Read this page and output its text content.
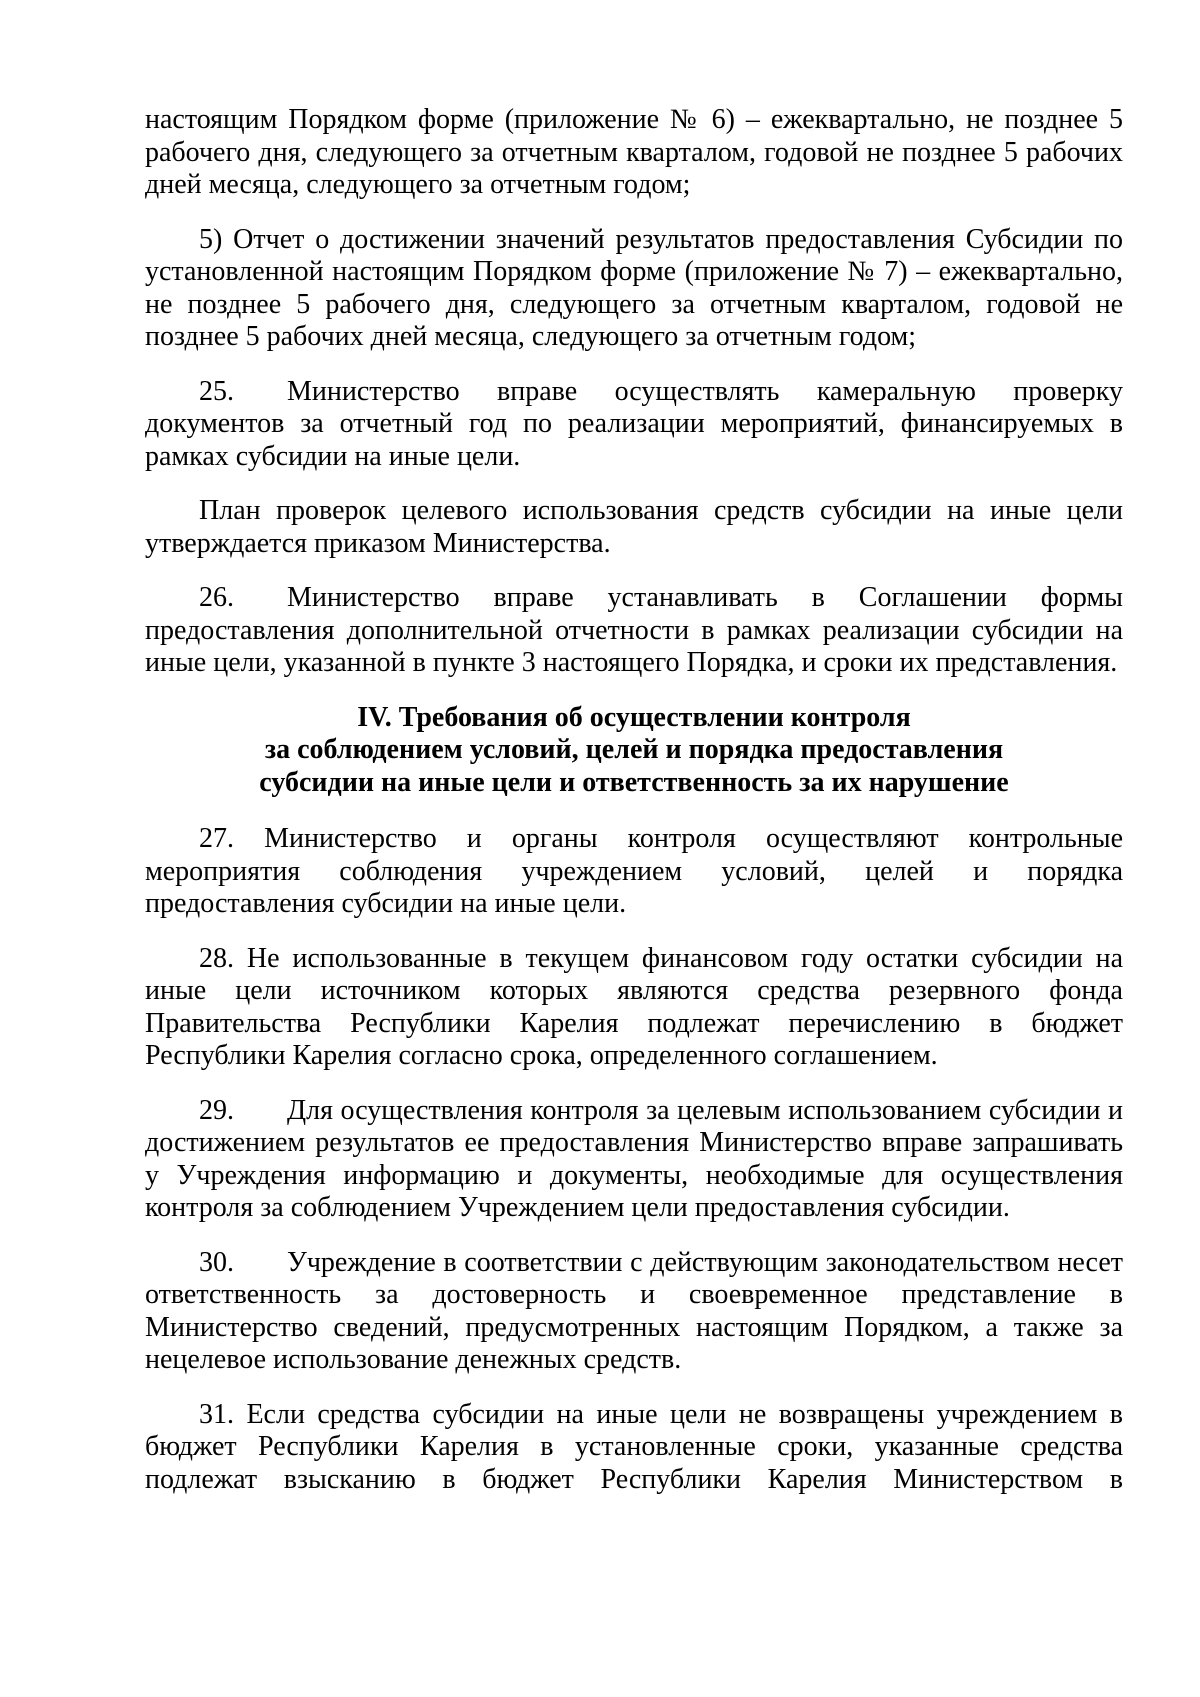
настоящим Порядком форме (приложение № 6) – ежеквартально, не позднее 5 рабочего дня, следующего за отчетным кварталом, годовой не позднее 5 рабочих дней месяца, следующего за отчетным годом;

5) Отчет о достижении значений результатов предоставления Субсидии по установленной настоящим Порядком форме (приложение № 7) – ежеквартально, не позднее 5 рабочего дня, следующего за отчетным кварталом, годовой не позднее 5 рабочих дней месяца, следующего за отчетным годом;

25. Министерство вправе осуществлять камеральную проверку документов за отчетный год по реализации мероприятий, финансируемых в рамках субсидии на иные цели.

План проверок целевого использования средств субсидии на иные цели утверждается приказом Министерства.

26. Министерство вправе устанавливать в Соглашении формы предоставления дополнительной отчетности в рамках реализации субсидии на иные цели, указанной в пункте 3 настоящего Порядка, и сроки их представления.

IV. Требования об осуществлении контроля
за соблюдением условий, целей и порядка предоставления
субсидии на иные цели и ответственность за их нарушение

27. Министерство и органы контроля осуществляют контрольные мероприятия соблюдения учреждением условий, целей и порядка предоставления субсидии на иные цели.

28. Не использованные в текущем финансовом году остатки субсидии на иные цели источником которых являются средства резервного фонда Правительства Республики Карелия подлежат перечислению в бюджет Республики Карелия согласно срока, определенного соглашением.

29. Для осуществления контроля за целевым использованием субсидии и достижением результатов ее предоставления Министерство вправе запрашивать у Учреждения информацию и документы, необходимые для осуществления контроля за соблюдением Учреждением цели предоставления субсидии.

30. Учреждение в соответствии с действующим законодательством несет ответственность за достоверность и своевременное представление в Министерство сведений, предусмотренных настоящим Порядком, а также за нецелевое использование денежных средств.

31. Если средства субсидии на иные цели не возвращены учреждением в бюджет Республики Карелия в установленные сроки, указанные средства подлежат взысканию в бюджет Республики Карелия Министерством в
